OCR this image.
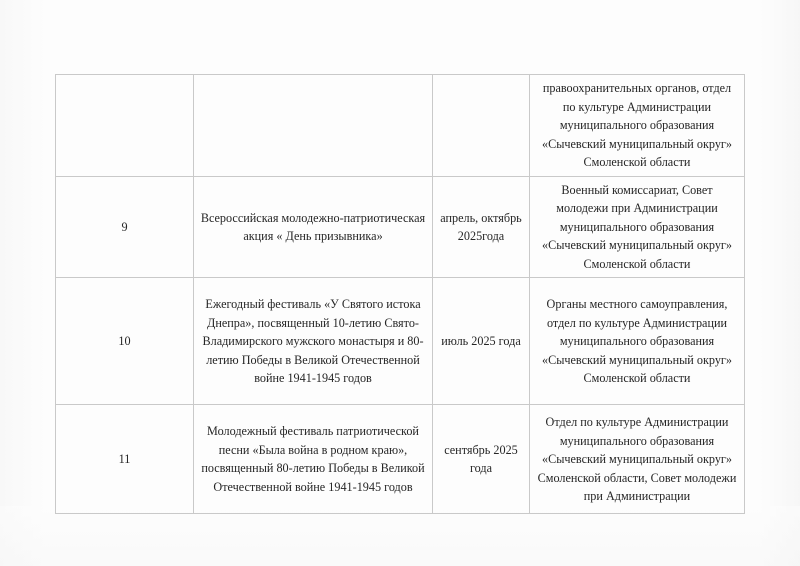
			правоохранительных органов, отдел по культуре Администрации муниципального образования «Сычевский муниципальный округ» Смоленской области
9	Всероссийская молодежно-патриотическая акция « День призывника»	апрель, октябрь 2025года	Военный комиссариат, Совет молодежи при Администрации муниципального образования «Сычевский муниципальный округ» Смоленской области
10	Ежегодный фестиваль «У Святого истока Днепра», посвященный 10-летию Свято-Владимирского мужского монастыря и 80-летию Победы в Великой Отечественной войне 1941-1945 годов	июль 2025 года	Органы местного самоуправления, отдел по культуре Администрации муниципального образования «Сычевский муниципальный округ» Смоленской области
11	Молодежный фестиваль патриотической песни «Была война в родном краю», посвященный 80-летию Победы в Великой Отечественной войне 1941-1945 годов	сентябрь 2025 года	Отдел по культуре Администрации муниципального образования «Сычевский муниципальный округ» Смоленской области, Совет молодежи при Администрации
